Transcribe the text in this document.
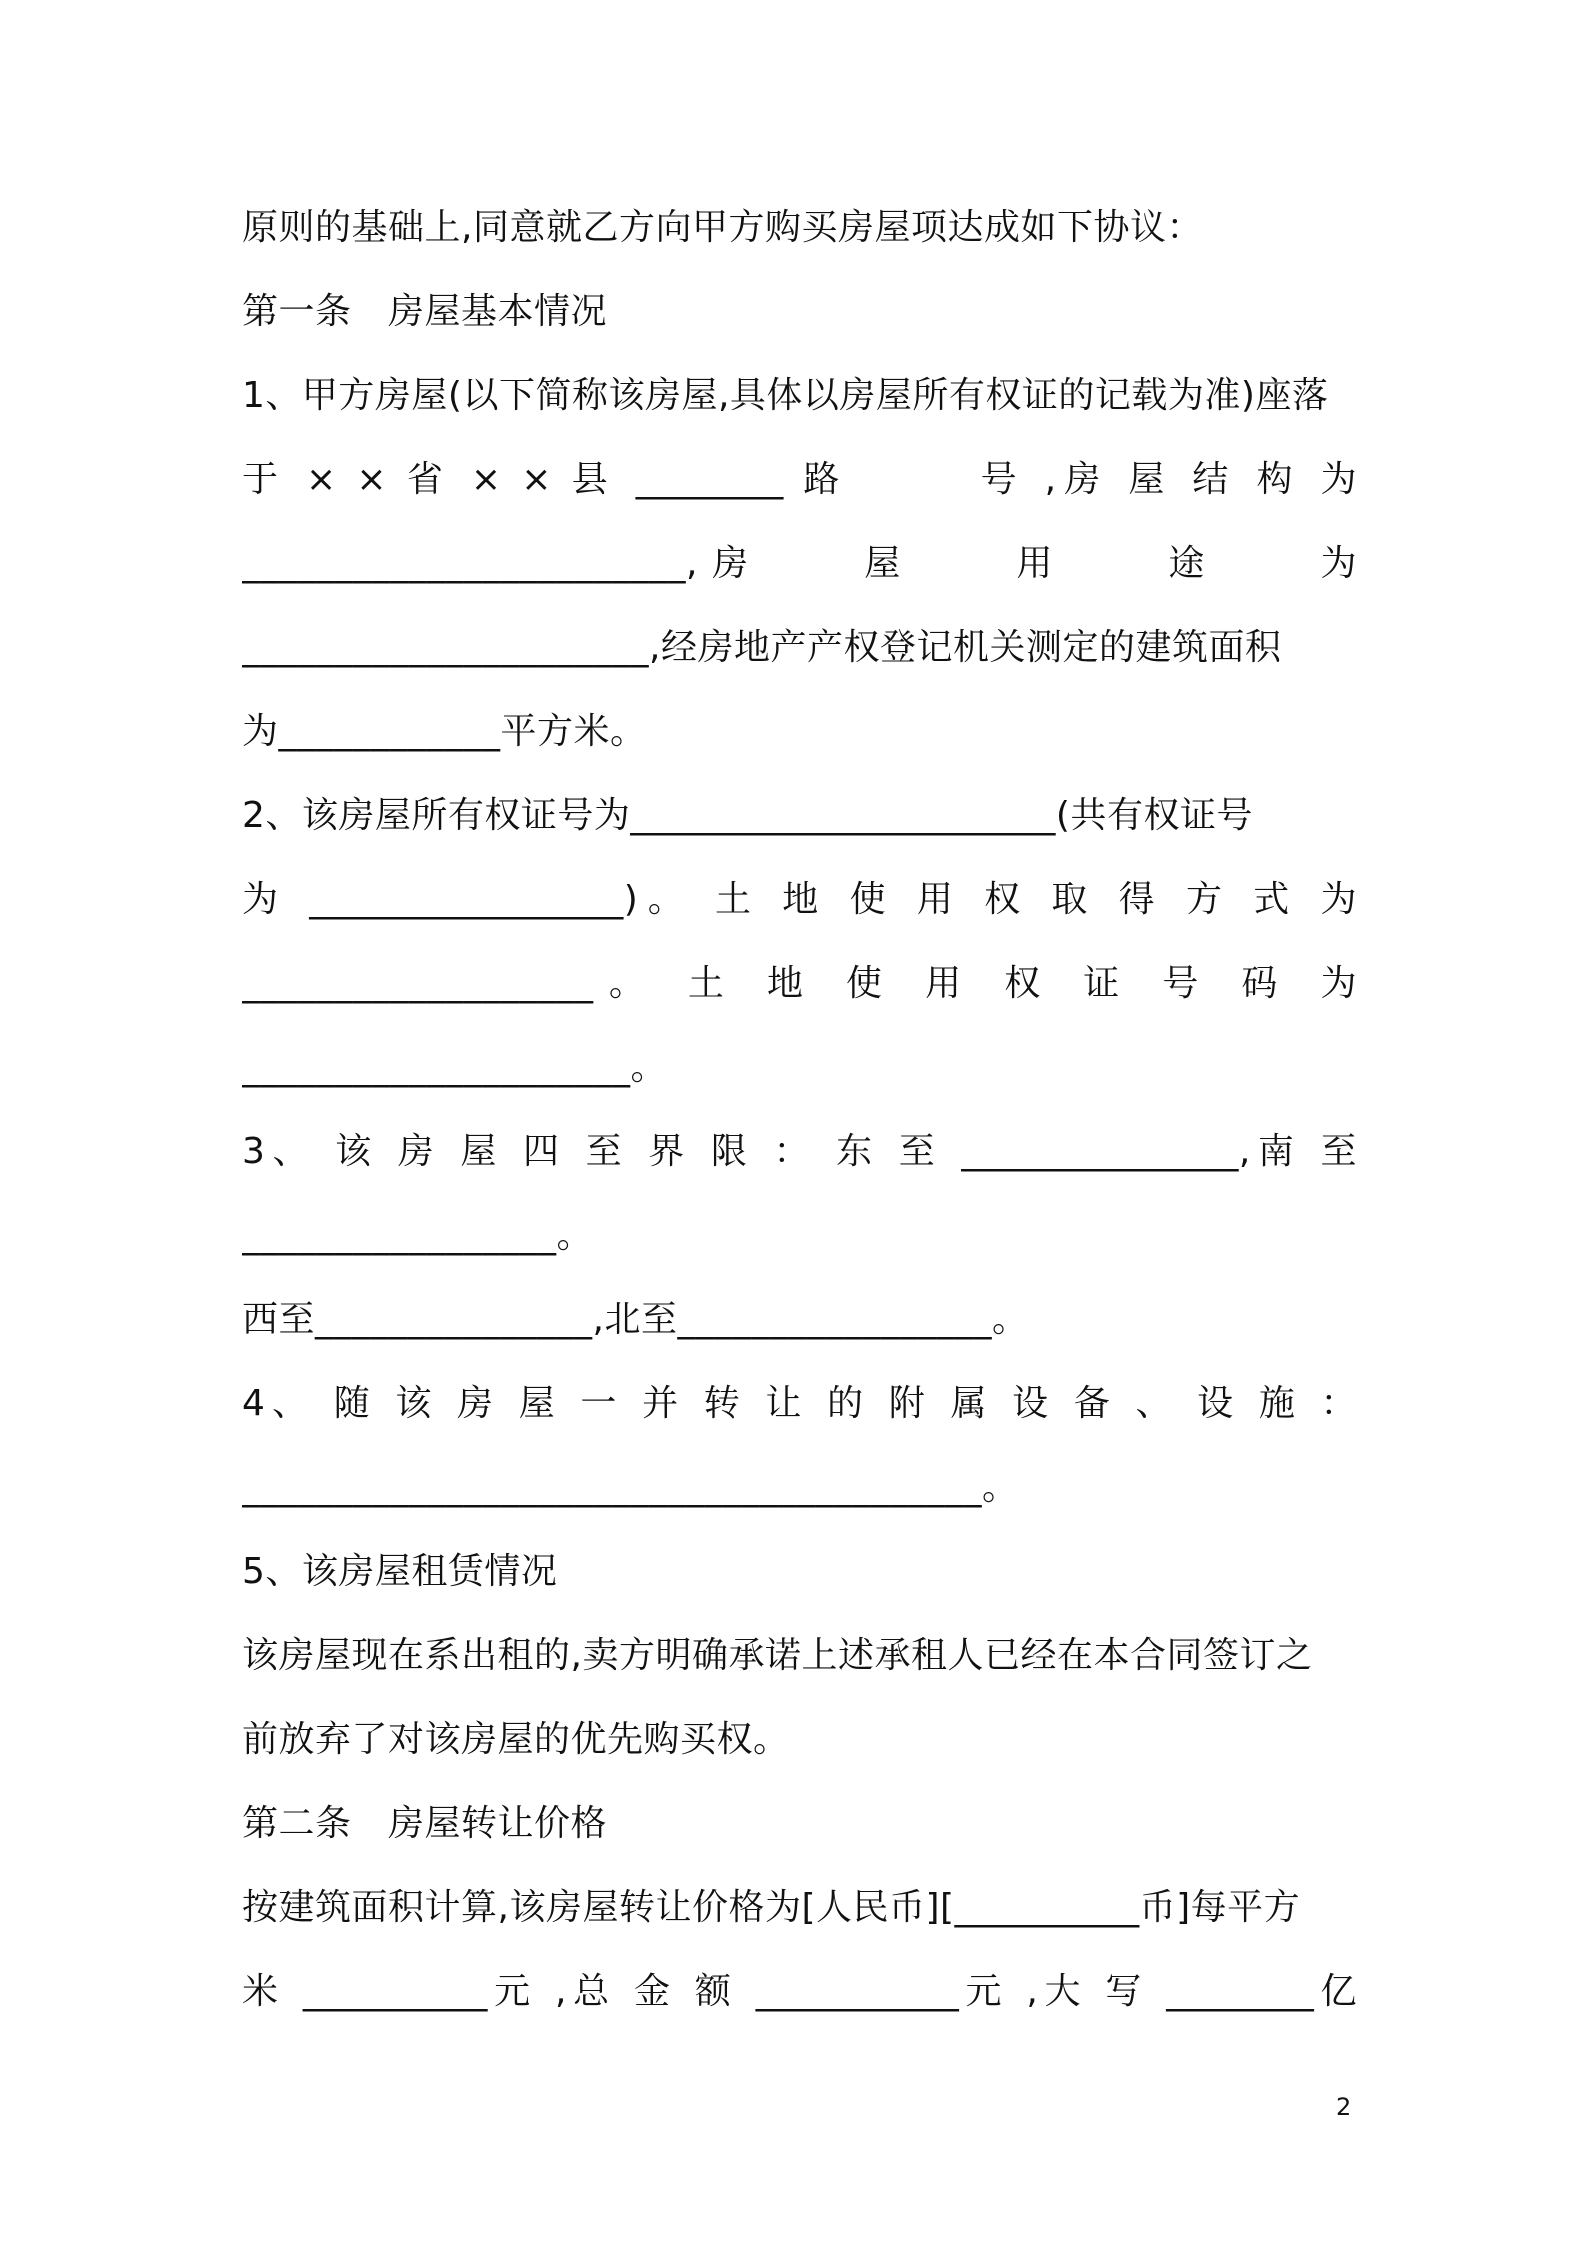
原则的基础上,同意就乙方向甲方购买房屋项达成如下协议：
第一条　房屋基本情况
1、甲方房屋(以下简称该房屋,具体以房屋所有权证的记载为准)座落
于 × × 省 × × 县 ________ 路　　　号 ,房 屋 结 构 为
________________________,房　　屋　　用　　途　　为
______________________,经房地产产权登记机关测定的建筑面积
为____________平方米。
2、该房屋所有权证号为_______________________(共有权证号
为 _________________)。 土 地 使 用 权 取 得 方 式 为
___________________。 土 地 使 用 权 证 号 码 为
_____________________。
3、 该 房 屋 四 至 界 限 ： 东 至 _______________,南 至
_________________。
西至_______________,北至_________________。
4、 随 该 房 屋 一 并 转 让 的 附 属 设 备 、 设 施 ：
________________________________________。
5、该房屋租赁情况
该房屋现在系出租的,卖方明确承诺上述承租人已经在本合同签订之
前放弃了对该房屋的优先购买权。
第二条　房屋转让价格
按建筑面积计算,该房屋转让价格为[人民币][__________币]每平方
米 __________元 ,总 金 额 ___________元 ,大 写 ________亿
2
